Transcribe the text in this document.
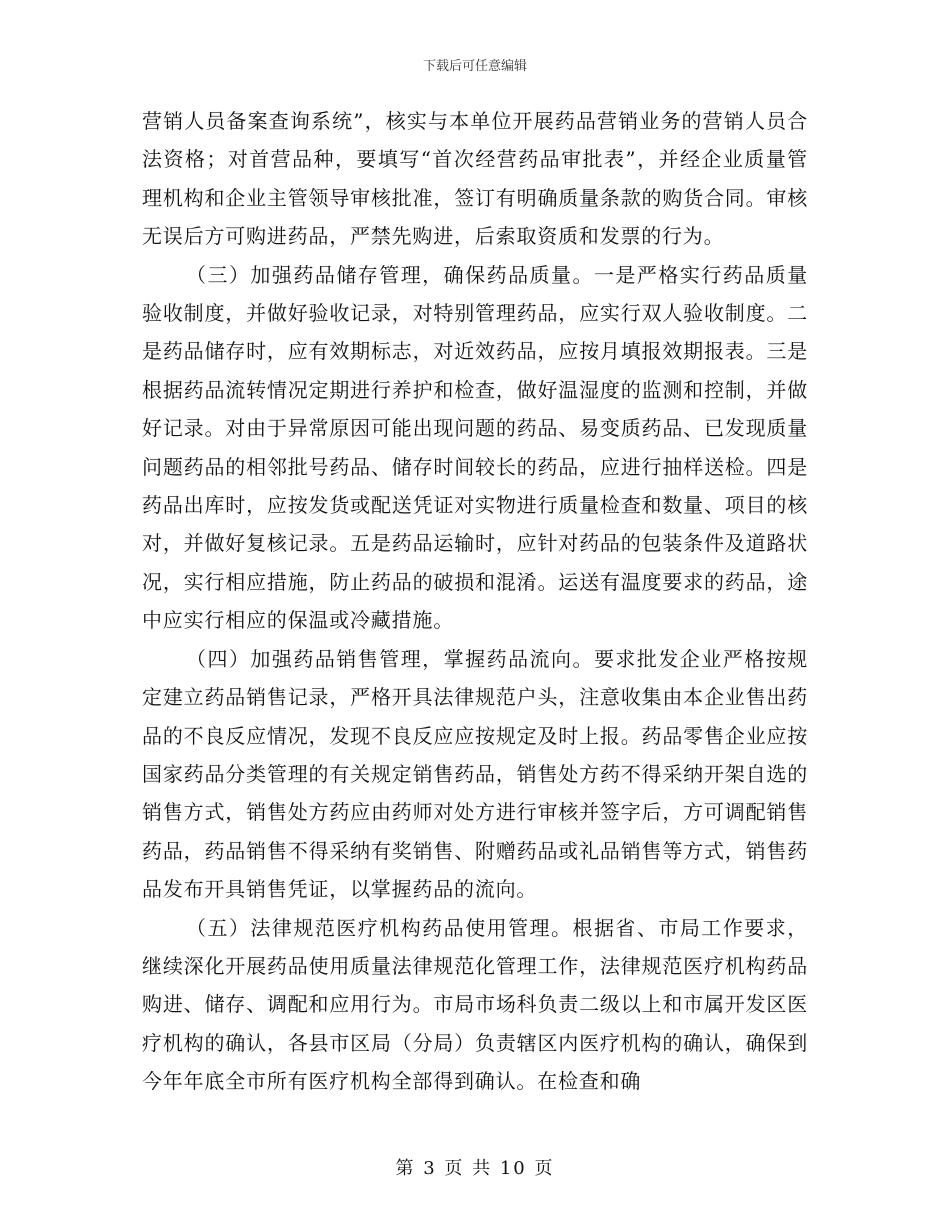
下载后可任意编辑

营销人员备案查询系统”，核实与本单位开展药品营销业务的营销人员合法资格；对首营品种，要填写“首次经营药品审批表”，并经企业质量管理机构和企业主管领导审核批准，签订有明确质量条款的购货合同。审核无误后方可购进药品，严禁先购进，后索取资质和发票的行为。

（三）加强药品储存管理，确保药品质量。一是严格实行药品质量验收制度，并做好验收记录，对特别管理药品，应实行双人验收制度。二是药品储存时，应有效期标志，对近效药品，应按月填报效期报表。三是根据药品流转情况定期进行养护和检查，做好温湿度的监测和控制，并做好记录。对由于异常原因可能出现问题的药品、易变质药品、已发现质量问题药品的相邻批号药品、储存时间较长的药品，应进行抽样送检。四是药品出库时，应按发货或配送凭证对实物进行质量检查和数量、项目的核对，并做好复核记录。五是药品运输时，应针对药品的包装条件及道路状况，实行相应措施，防止药品的破损和混淆。运送有温度要求的药品，途中应实行相应的保温或冷藏措施。

（四）加强药品销售管理，掌握药品流向。要求批发企业严格按规定建立药品销售记录，严格开具法律规范户头，注意收集由本企业售出药品的不良反应情况，发现不良反应应按规定及时上报。药品零售企业应按国家药品分类管理的有关规定销售药品，销售处方药不得采纳开架自选的销售方式，销售处方药应由药师对处方进行审核并签字后，方可调配销售药品，药品销售不得采纳有奖销售、附赠药品或礼品销售等方式，销售药品发布开具销售凭证，以掌握药品的流向。

（五）法律规范医疗机构药品使用管理。根据省、市局工作要求，继续深化开展药品使用质量法律规范化管理工作，法律规范医疗机构药品购进、储存、调配和应用行为。市局市场科负责二级以上和市属开发区医疗机构的确认，各县市区局（分局）负责辖区内医疗机构的确认，确保到今年年底全市所有医疗机构全部得到确认。在检查和确

第 3 页 共 10 页
